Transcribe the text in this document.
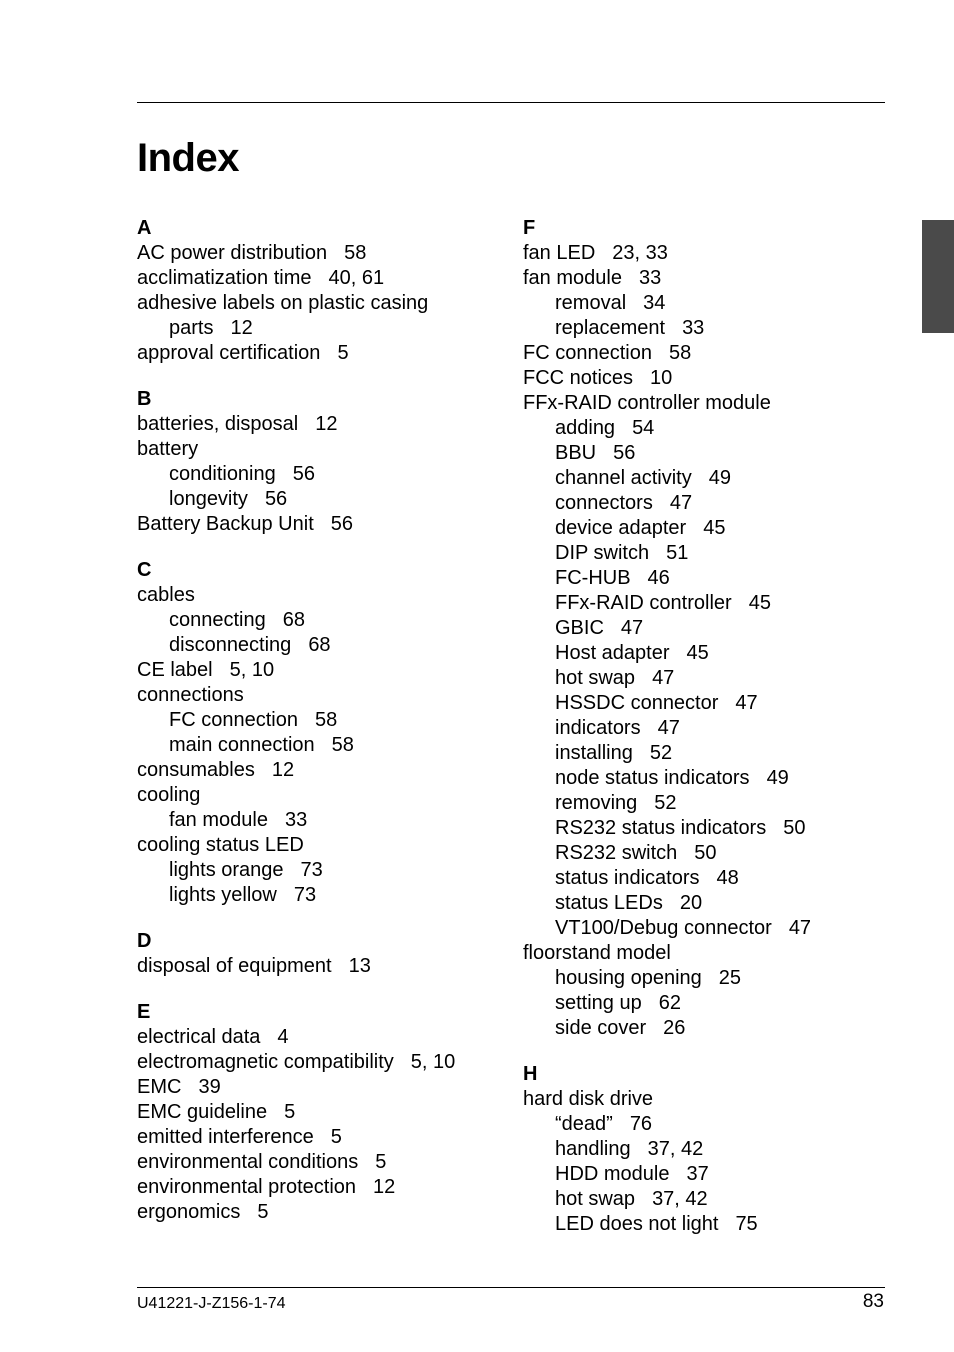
Index
A
AC power distribution 58
acclimatization time 40, 61
adhesive labels on plastic casing
parts 12
approval certification 5
B
batteries, disposal 12
battery
conditioning 56
longevity 56
Battery Backup Unit 56
C
cables
connecting 68
disconnecting 68
CE label 5, 10
connections
FC connection 58
main connection 58
consumables 12
cooling
fan module 33
cooling status LED
lights orange 73
lights yellow 73
D
disposal of equipment 13
E
electrical data 4
electromagnetic compatibility 5, 10
EMC 39
EMC guideline 5
emitted interference 5
environmental conditions 5
environmental protection 12
ergonomics 5
F
fan LED 23, 33
fan module 33
removal 34
replacement 33
FC connection 58
FCC notices 10
FFx-RAID controller module
adding 54
BBU 56
channel activity 49
connectors 47
device adapter 45
DIP switch 51
FC-HUB 46
FFx-RAID controller 45
GBIC 47
Host adapter 45
hot swap 47
HSSDC connector 47
indicators 47
installing 52
node status indicators 49
removing 52
RS232 status indicators 50
RS232 switch 50
status indicators 48
status LEDs 20
VT100/Debug connector 47
floorstand model
housing opening 25
setting up 62
side cover 26
H
hard disk drive
“dead” 76
handling 37, 42
HDD module 37
hot swap 37, 42
LED does not light 75
U41221-J-Z156-1-74	83
